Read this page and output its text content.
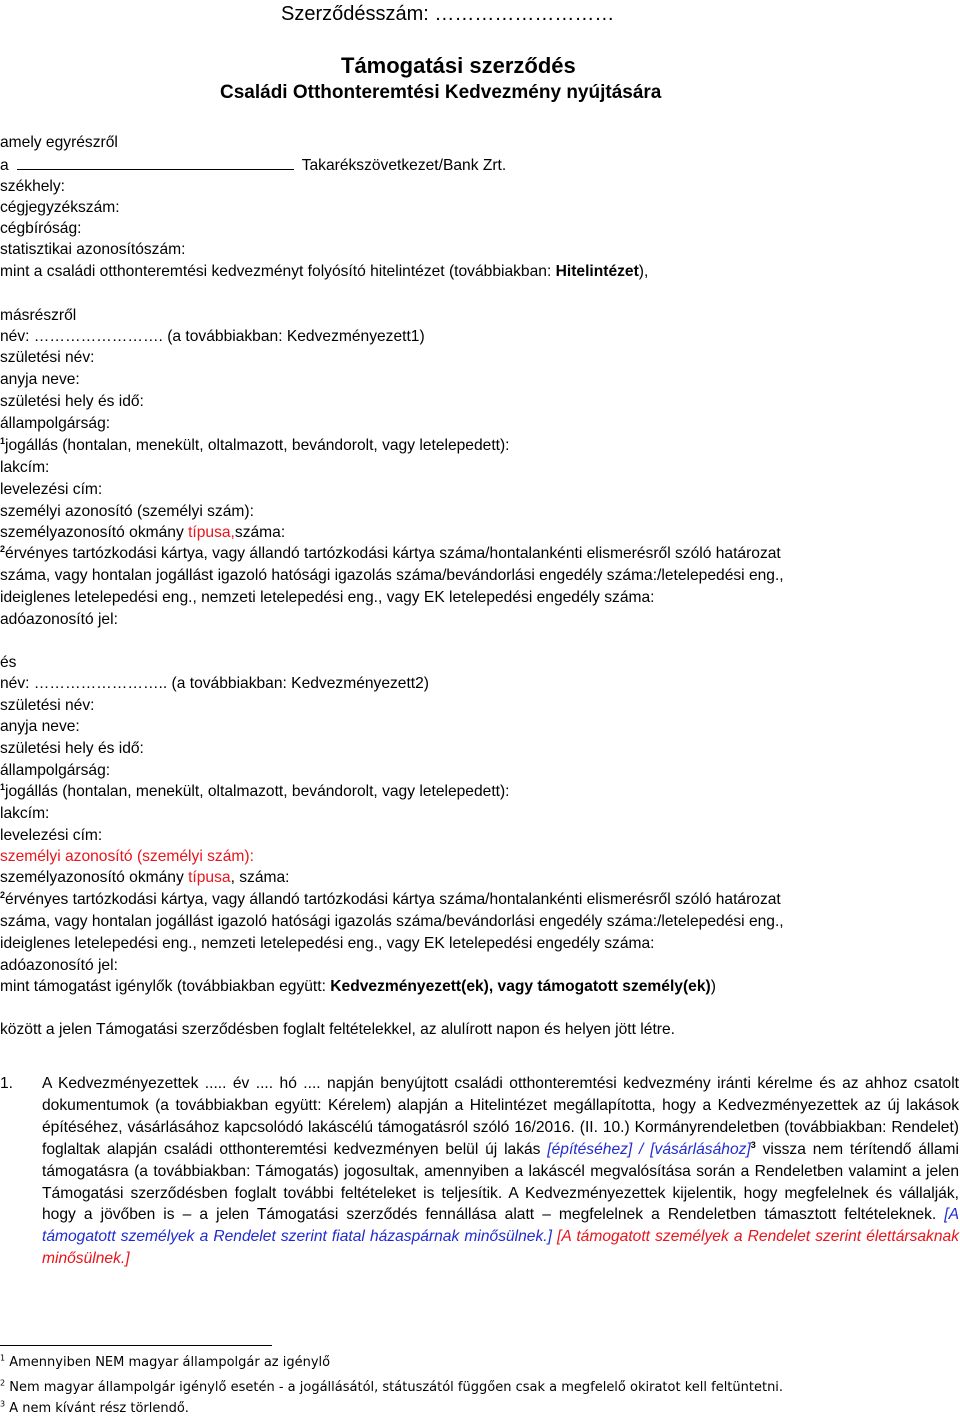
Szerződésszám: ………………………
Támogatási szerződés
Családi Otthonteremtési Kedvezmény nyújtására
amely egyrészről
a	Takarékszövetkezet/Bank Zrt.
székhely:
cégjegyzékszám:
cégbíróság:
statisztikai azonosítószám:
mint a családi otthonteremtési kedvezményt folyósító hitelintézet (továbbiakban: Hitelintézet),
másrészről
név: ……………………. (a továbbiakban: Kedvezményezett1)
születési név:
anyja neve:
születési hely és idő:
állampolgárság:
$^1$jogállás (hontalan, menekült, oltalmazott, bevándorolt, vagy letelepedett):
lakcím:
levelezési cím:
személyi azonosító (személyi szám):
személyazonosító okmány típusa,száma:
$^2$érvényes tartózkodási kártya, vagy állandó tartózkodási kártya száma/hontalankénti elismerésről szóló határozat
száma, vagy hontalan jogállást igazoló hatósági igazolás száma/bevándorlási engedély száma:/letelepedési eng.,
ideiglenes letelepedési eng., nemzeti letelepedési eng., vagy EK letelepedési engedély száma:
adóazonosító jel:
és
név: …………………….. (a továbbiakban: Kedvezményezett2)
születési név:
anyja neve:
születési hely és idő:
állampolgárság:
$^1$jogállás (hontalan, menekült, oltalmazott, bevándorolt, vagy letelepedett):
lakcím:
levelezési cím:
személyi azonosító (személyi szám):
személyazonosító okmány típusa, száma:
$^2$érvényes tartózkodási kártya, vagy állandó tartózkodási kártya száma/hontalankénti elismerésről szóló határozat
száma, vagy hontalan jogállást igazoló hatósági igazolás száma/bevándorlási engedély száma:/letelepedési eng.,
ideiglenes letelepedési eng., nemzeti letelepedési eng., vagy EK letelepedési engedély száma:
adóazonosító jel:
mint támogatást igénylők (továbbiakban együtt: Kedvezményezett(ek), vagy támogatott személy(ek))
között a jelen Támogatási szerződésben foglalt feltételekkel, az alulírott napon és helyen jött létre.
1. A Kedvezményezettek ..... év .... hó .... napján benyújtott családi otthonteremtési kedvezmény iránti kérelme és az ahhoz csatolt dokumentumok (a továbbiakban együtt: Kérelem) alapján a Hitelintézet megállapította, hogy a Kedvezményezettek az új lakások építéséhez, vásárlásához kapcsolódó lakáscélú támogatásról szóló 16/2016. (II. 10.) Kormányrendeletben (továbbiakban: Rendelet) foglaltak alapján családi otthonteremtési kedvezményen belül új lakás [építéséhez] / [vásárlásához]$^3$ vissza nem térítendő állami támogatásra (a továbbiakban: Támogatás) jogosultak, amennyiben a lakáscél megvalósítása során a Rendeletben valamint a jelen Támogatási szerződésben foglalt további feltételeket is teljesítik. A Kedvezményezettek kijelentik, hogy megfelelnek és vállalják, hogy a jövőben is – a jelen Támogatási szerződés fennállása alatt – megfelelnek a Rendeletben támasztott feltételeknek. [A támogatott személyek a Rendelet szerint fiatal házaspárnak minősülnek.] [A támogatott személyek a Rendelet szerint élettársaknak minősülnek.]
$^1$ Amennyiben NEM magyar állampolgár az igénylő
$^2$ Nem magyar állampolgár igénylő esetén - a jogállásától, státuszától függően csak a megfelelő okiratot kell feltüntetni.
$^3$ A nem kívánt rész törlendő.
